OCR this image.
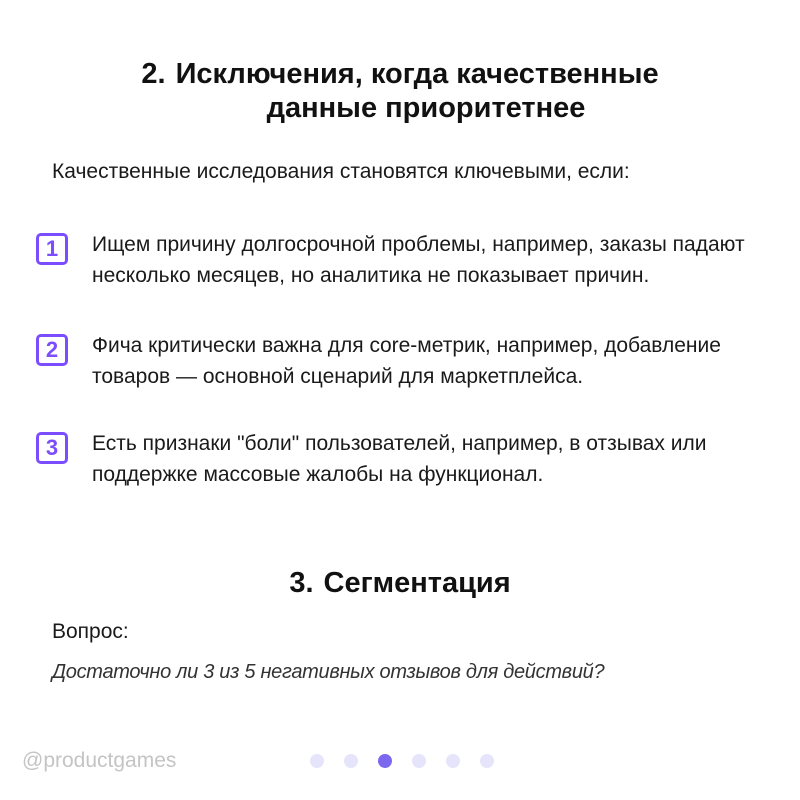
2. Исключения, когда качественные
данные приоритетнее

Качественные исследования становятся ключевыми, если:

1	Ищем причину долгосрочной проблемы, например, заказы падают несколько месяцев, но аналитика не показывает причин.

2	Фича критически важна для core-метрик, например, добавление товаров — основной сценарий для маркетплейса.

3	Есть признаки "боли" пользователей, например, в отзывах или поддержке массовые жалобы на функционал.

3. Сегментация

Вопрос:

Достаточно ли 3 из 5 негативных отзывов для действий?

@productgames
